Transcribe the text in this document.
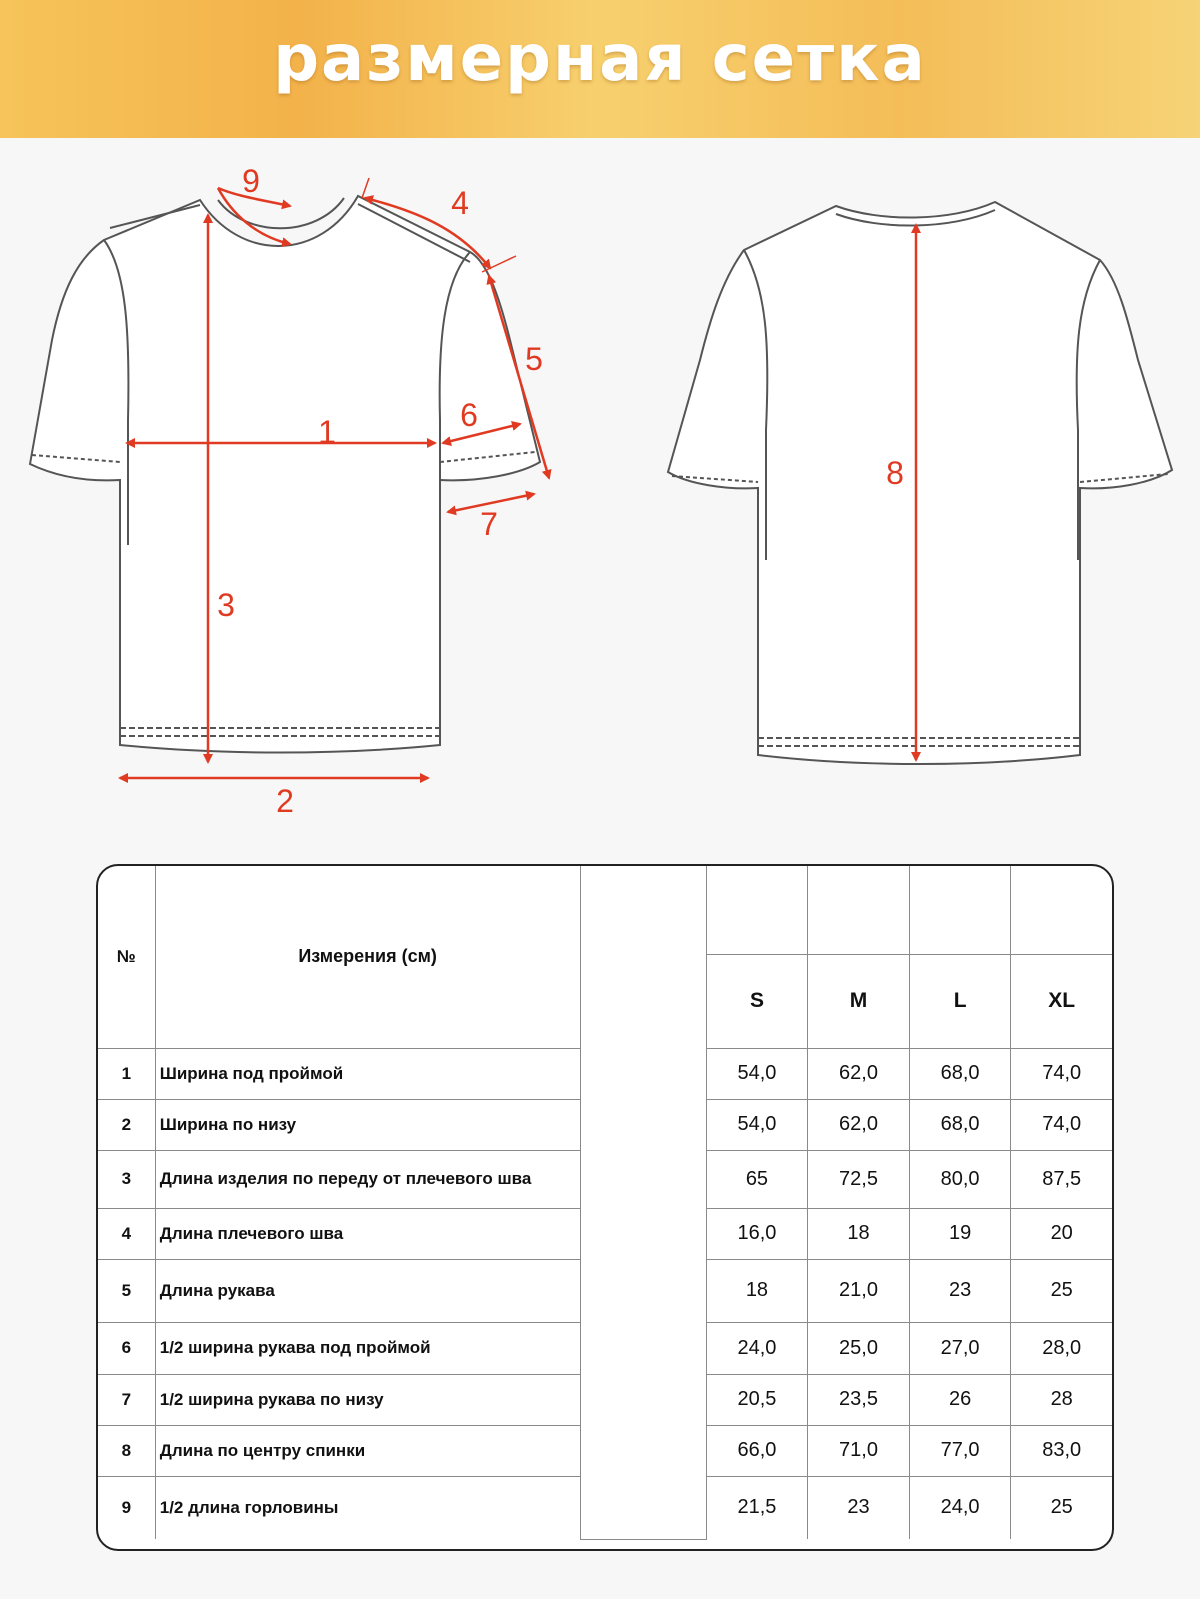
размерная сетка
1
2
3
4
5
6
7
9
8
№	Измерения (см)					
			S	M	L	XL
1	Ширина под проймой		54,0	62,0	68,0	74,0
2	Ширина по низу		54,0	62,0	68,0	74,0
3	Длина изделия по переду от плечевого шва		65	72,5	80,0	87,5
4	Длина плечевого шва		16,0	18	19	20
5	Длина рукава		18	21,0	23	25
6	1/2 ширина рукава под проймой		24,0	25,0	27,0	28,0
7	1/2 ширина рукава по низу		20,5	23,5	26	28
8	Длина по центру спинки		66,0	71,0	77,0	83,0
9	1/2 длина горловины		21,5	23	24,0	25
